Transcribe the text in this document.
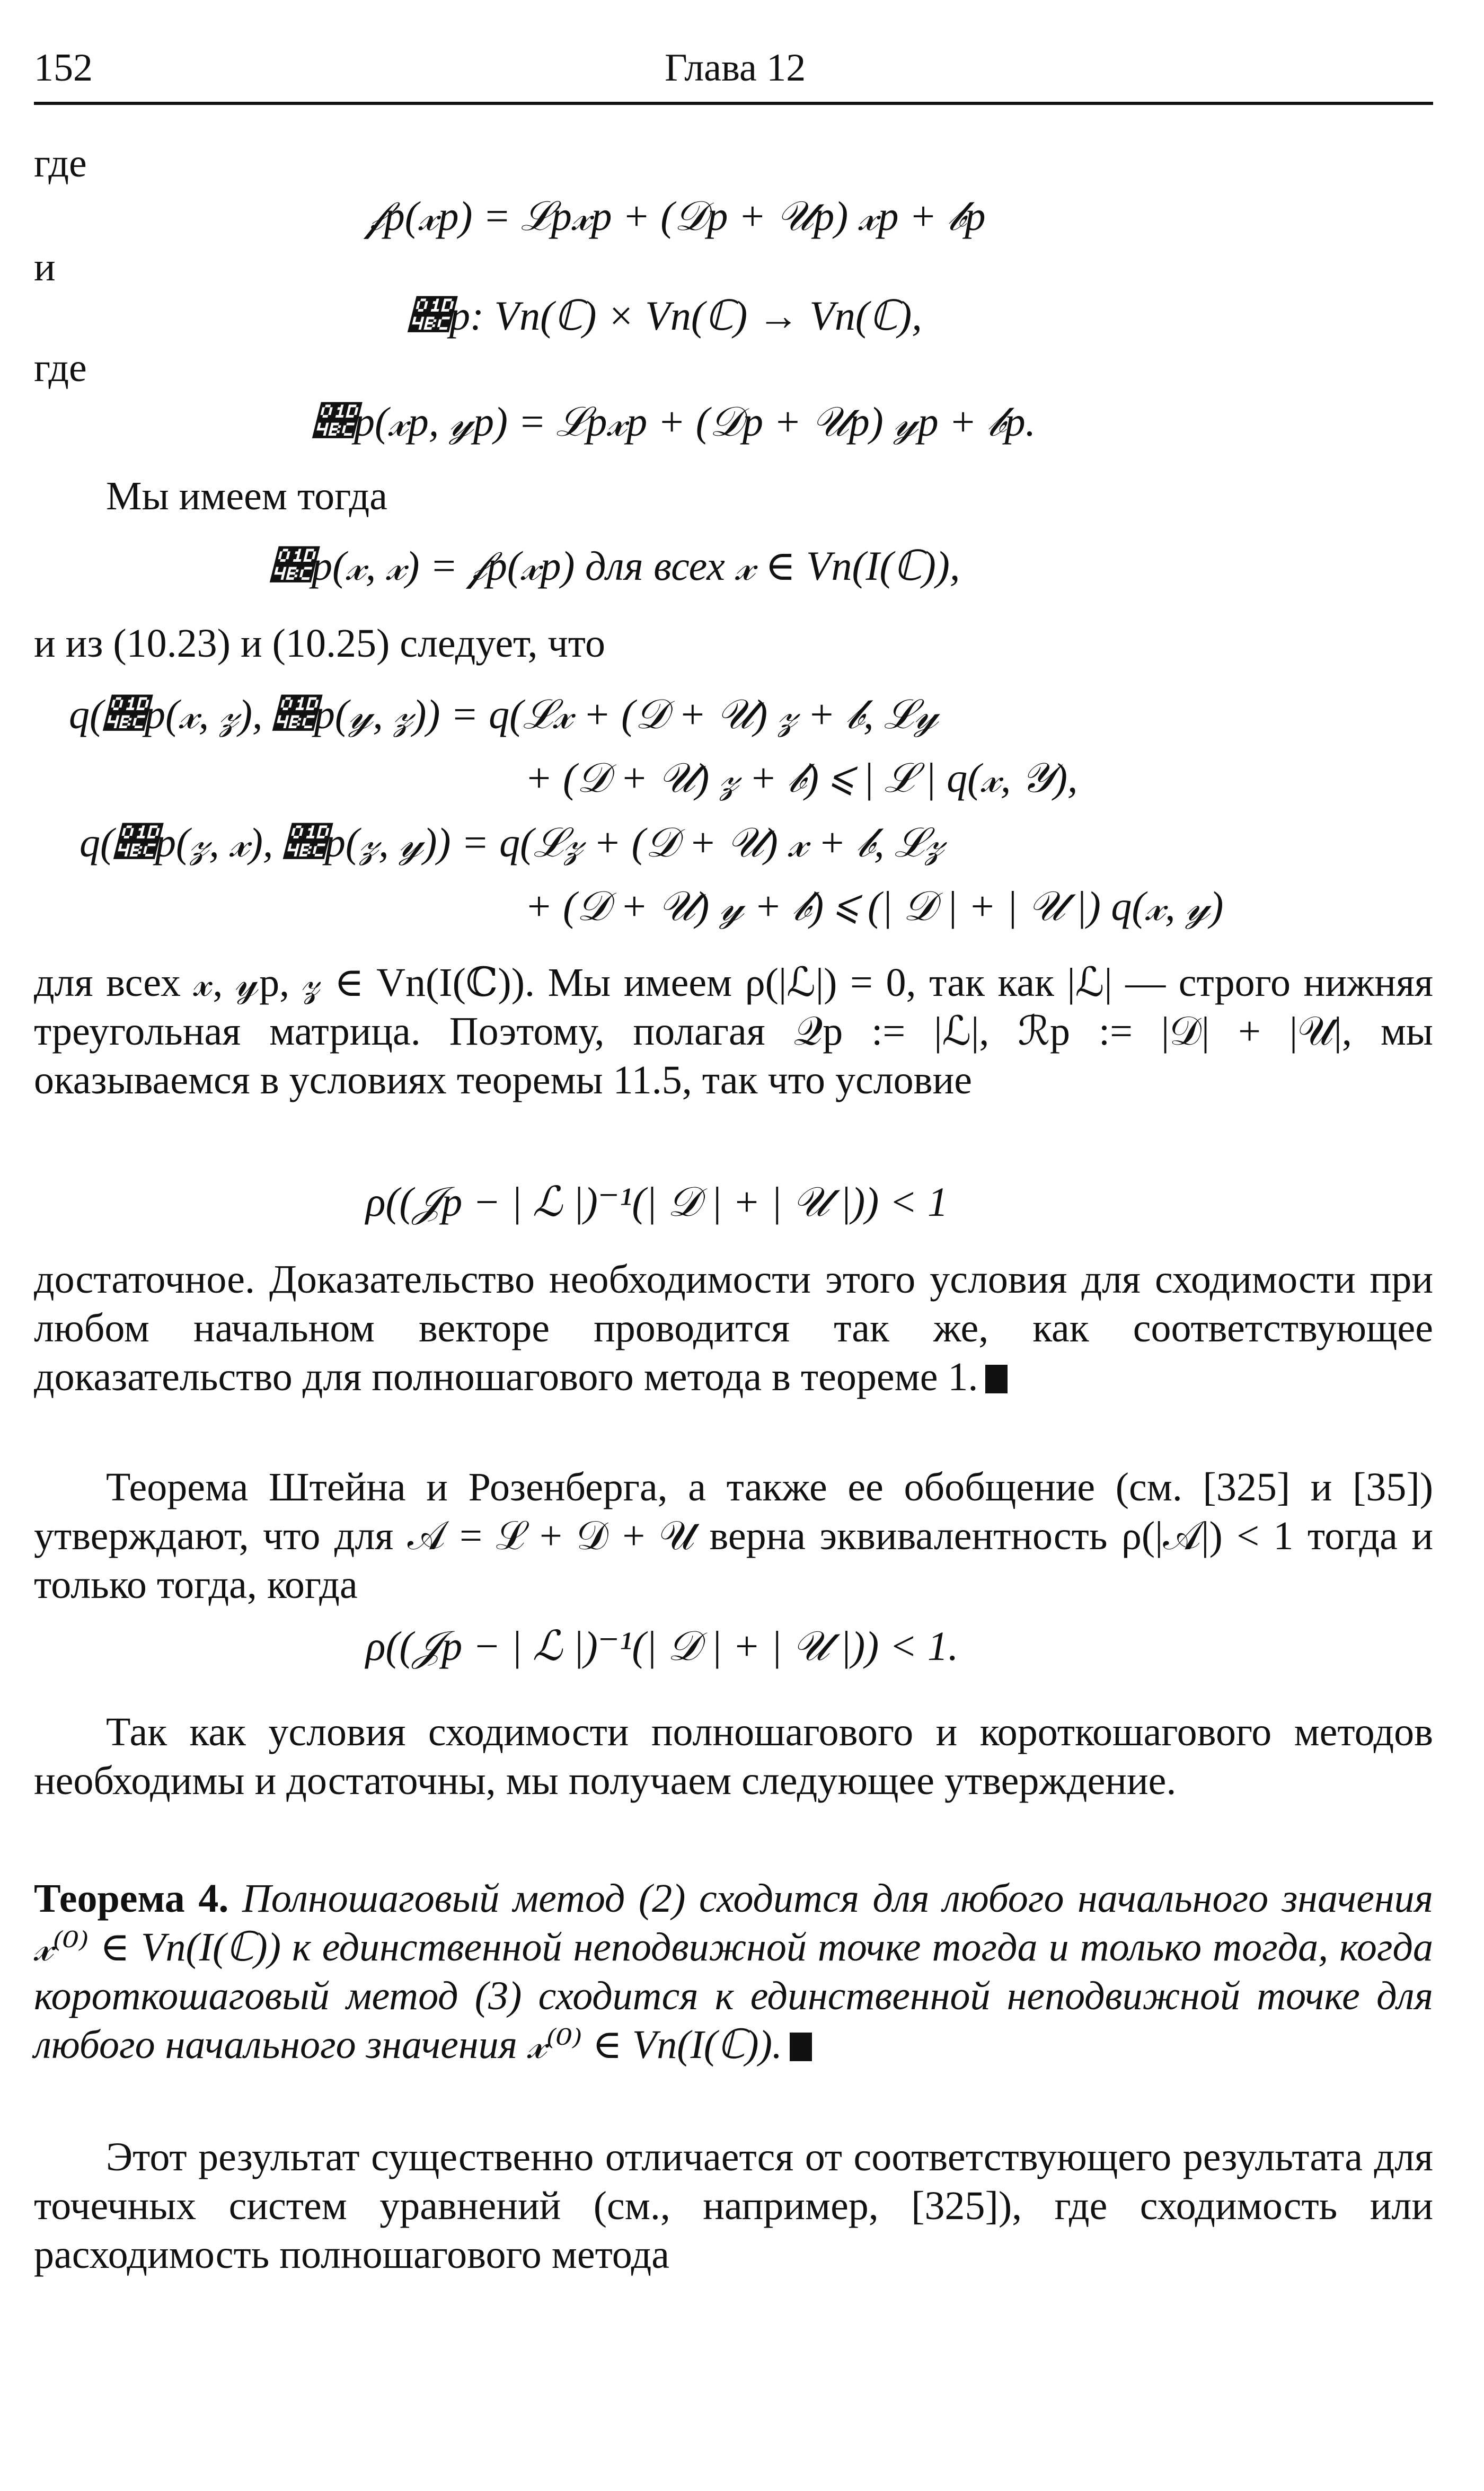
152	Глава 12
где
𝒻p(𝓍p) = ℒp𝓍p + (𝒟p + 𝒰p) 𝓍p + 𝒷p
и
𝒼p: Vn(ℂ) × Vn(ℂ) → Vn(ℂ),
где
𝒼p(𝓍p, 𝓎p) = ℒp𝓍p + (𝒟p + 𝒰p) 𝓎p + 𝒷p.
Мы имеем тогда
𝒼p(𝓍, 𝓍) = 𝒻p(𝓍p) для всех 𝓍 ∈ Vn(I(ℂ)),
и из (10.23) и (10.25) следует, что
q(𝒼p(𝓍, 𝓏), 𝒼p(𝓎, 𝓏)) = q(ℒ𝓍 + (𝒟 + 𝒰) 𝓏 + 𝒷, ℒ𝓎
+ (𝒟 + 𝒰) 𝓏 + 𝒷) ⩽ | ℒ | q(𝓍, 𝒴),
q(𝒼p(𝓏, 𝓍), 𝒼p(𝓏, 𝓎)) = q(ℒ𝓏 + (𝒟 + 𝒰) 𝓍 + 𝒷, ℒ𝓏
+ (𝒟 + 𝒰) 𝓎 + 𝒷) ⩽ (| 𝒟 | + | 𝒰 |) q(𝓍, 𝓎)
для всех 𝓍, 𝓎p, 𝓏 ∈ Vn(I(ℂ)). Мы имеем ρ(|ℒ|) = 0, так как |ℒ| — строго нижняя треугольная матрица. Поэтому, полагая 𝒬p := |ℒ|, ℛp := |𝒟| + |𝒰|, мы оказываемся в условиях теоремы 11.5, так что условие
ρ((𝒥p − | ℒ |)⁻¹(| 𝒟 | + | 𝒰 |)) < 1
достаточное. Доказательство необходимости этого условия для сходимости при любом начальном векторе проводится так же, как соответствующее доказательство для полношагового метода в теореме 1.
Теорема Штейна и Розенберга, а также ее обобщение (см. [325] и [35]) утверждают, что для 𝒜 = ℒ + 𝒟 + 𝒰 верна эквивалентность ρ(|𝒜|) < 1 тогда и только тогда, когда
ρ((𝒥p − | ℒ |)⁻¹(| 𝒟 | + | 𝒰 |)) < 1.
Так как условия сходимости полношагового и короткошагового методов необходимы и достаточны, мы получаем следующее утверждение.
Теорема 4. Полношаговый метод (2) сходится для любого начального значения 𝓍⁽⁰⁾ ∈ Vn(I(ℂ)) к единственной неподвижной точке тогда и только тогда, когда короткошаговый метод (3) сходится к единственной неподвижной точке для любого начального значения 𝓍⁽⁰⁾ ∈ Vn(I(ℂ)).
Этот результат существенно отличается от соответствующего результата для точечных систем уравнений (см., например, [325]), где сходимость или расходимость полношагового метода
